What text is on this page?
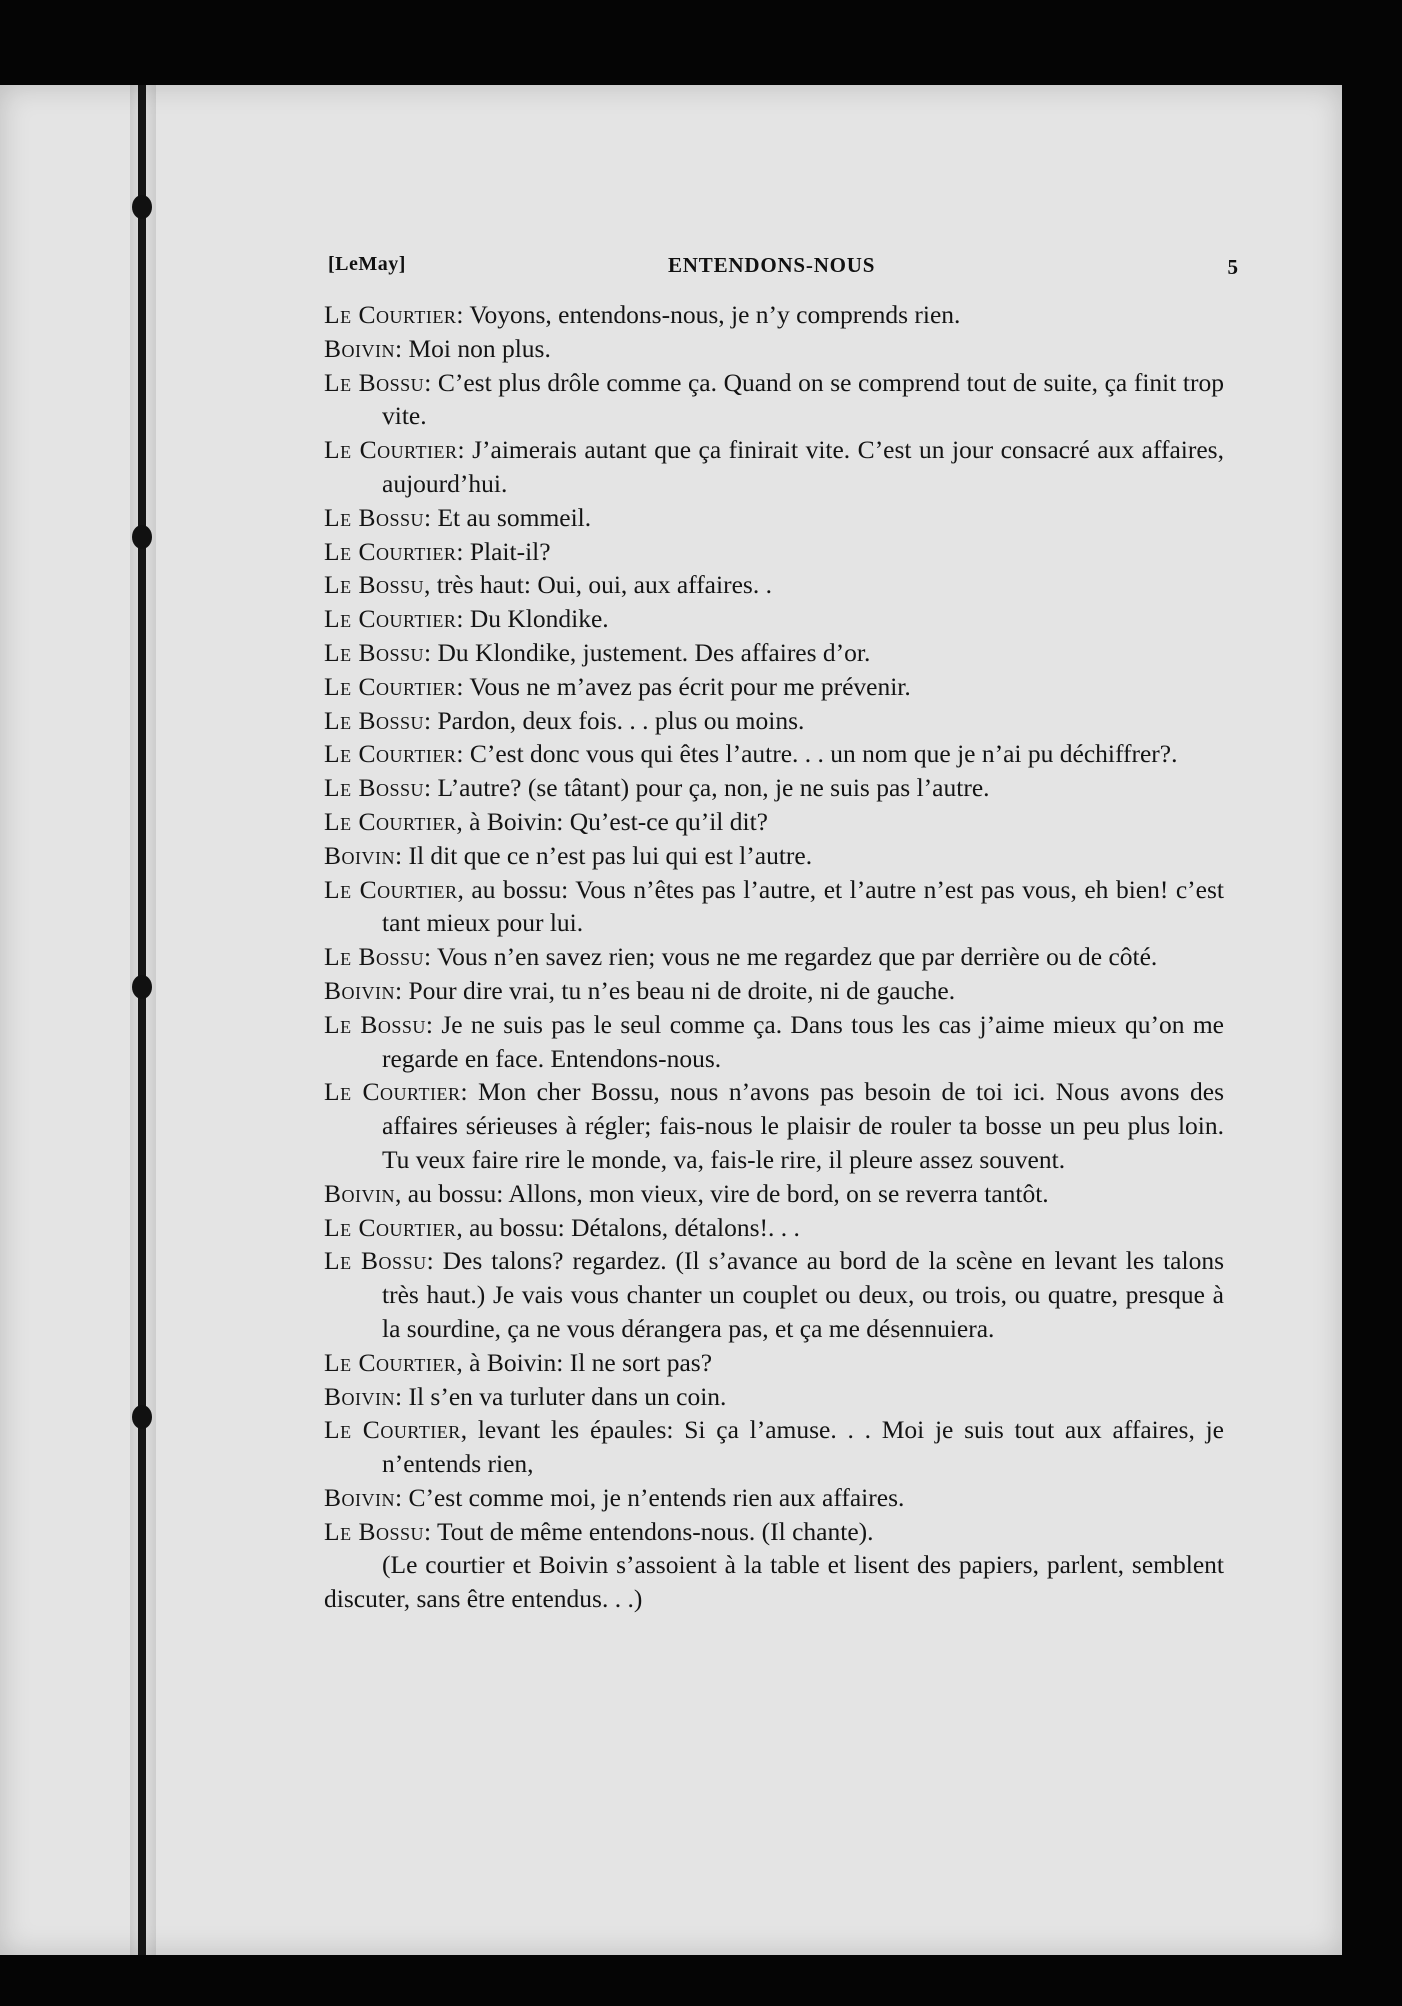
[LeMay]	ENTENDONS-NOUS	5

Le Courtier: Voyons, entendons-nous, je n’y comprends rien.

Boivin: Moi non plus.

Le Bossu: C’est plus drôle comme ça. Quand on se comprend tout de suite, ça finit trop vite.

Le Courtier: J’aimerais autant que ça finirait vite. C’est un jour consacré aux affaires, aujourd’hui.

Le Bossu: Et au sommeil.

Le Courtier: Plait-il?

Le Bossu, très haut: Oui, oui, aux affaires. .

Le Courtier: Du Klondike.

Le Bossu: Du Klondike, justement. Des affaires d’or.

Le Courtier: Vous ne m’avez pas écrit pour me prévenir.

Le Bossu: Pardon, deux fois. . . plus ou moins.

Le Courtier: C’est donc vous qui êtes l’autre. . . un nom que je n’ai pu déchiffrer?.

Le Bossu: L’autre? (se tâtant) pour ça, non, je ne suis pas l’autre.

Le Courtier, à Boivin: Qu’est-ce qu’il dit?

Boivin: Il dit que ce n’est pas lui qui est l’autre.

Le Courtier, au bossu: Vous n’êtes pas l’autre, et l’autre n’est pas vous, eh bien! c’est tant mieux pour lui.

Le Bossu: Vous n’en savez rien; vous ne me regardez que par derrière ou de côté.

Boivin: Pour dire vrai, tu n’es beau ni de droite, ni de gauche.

Le Bossu: Je ne suis pas le seul comme ça. Dans tous les cas j’aime mieux qu’on me regarde en face. Entendons-nous.

Le Courtier: Mon cher Bossu, nous n’avons pas besoin de toi ici. Nous avons des affaires sérieuses à régler; fais-nous le plaisir de rouler ta bosse un peu plus loin. Tu veux faire rire le monde, va, fais-le rire, il pleure assez souvent.

Boivin, au bossu: Allons, mon vieux, vire de bord, on se reverra tantôt.

Le Courtier, au bossu: Détalons, détalons!. . .

Le Bossu: Des talons? regardez. (Il s’avance au bord de la scène en levant les talons très haut.) Je vais vous chanter un couplet ou deux, ou trois, ou quatre, presque à la sourdine, ça ne vous dérangera pas, et ça me désennuiera.

Le Courtier, à Boivin: Il ne sort pas?

Boivin: Il s’en va turluter dans un coin.

Le Courtier, levant les épaules: Si ça l’amuse. . . Moi je suis tout aux affaires, je n’entends rien,

Boivin: C’est comme moi, je n’entends rien aux affaires.

Le Bossu: Tout de même entendons-nous. (Il chante).

(Le courtier et Boivin s’assoient à la table et lisent des papiers, parlent, semblent discuter, sans être entendus. . .)
